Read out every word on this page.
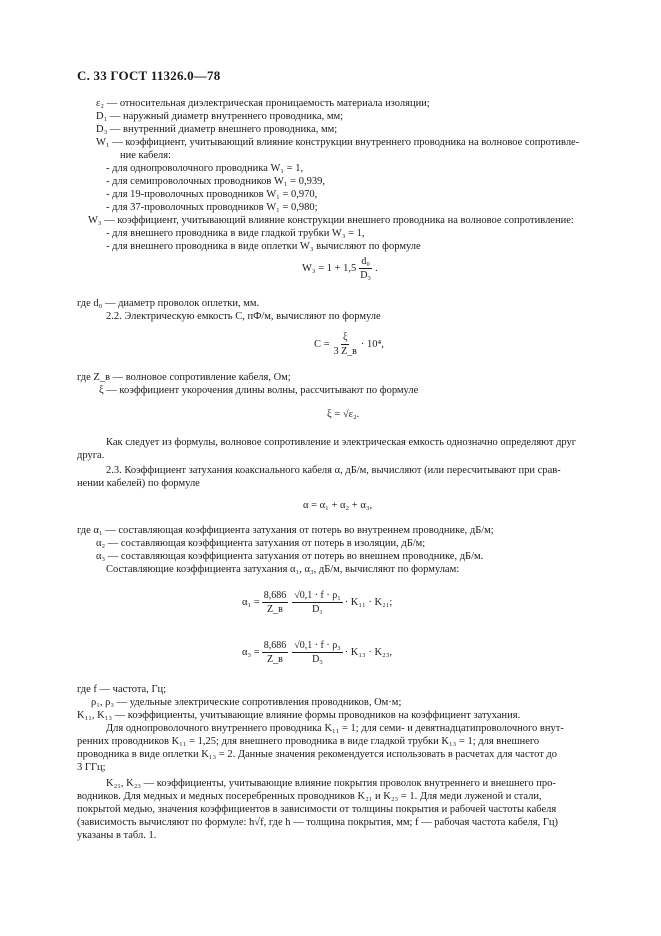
С. 33 ГОСТ 11326.0—78
ε₂ — относительная диэлектрическая проницаемость материала изоляции;
D₁ — наружный диаметр внутреннего проводника, мм;
D₃ — внутренний диаметр внешнего проводника, мм;
W₁ — коэффициент, учитывающий влияние конструкции внутреннего проводника на волновое сопротивле-
ние кабеля:
- для однопроволочного проводника W₁ = 1,
- для семипроволочных проводников W₁ = 0,939,
- для 19-проволочных проводников W₁ = 0,970,
- для 37-проволочных проводников W₁ = 0,980;
W₃ — коэффициент, учитывающий влияние конструкции внешнего проводника на волновое сопротивление:
- для внешнего проводника в виде гладкой трубки W₃ = 1,
- для внешнего проводника в виде оплетки W₃ вычисляют по формуле
$W_3 = 1 + 1,5 \frac{\text{d₀}}{\text{D₃}}$ .
где d₀ — диаметр проволок оплетки, мм.
2.2. Электрическую емкость C, пФ/м, вычисляют по формуле
$C = \frac{\xi}{3 Z\_в} \cdot 10^4$,
где Z_в — волновое сопротивление кабеля, Ом;
ξ — коэффициент укорочения длины волны, рассчитывают по формуле
ξ = √ε₂.
Как следует из формулы, волновое сопротивление и электрическая емкость однозначно определяют друг
друга.
2.3. Коэффициент затухания коаксиального кабеля α, дБ/м, вычисляют (или пересчитывают при срав-
нении кабелей) по формуле
α = α₁ + α₂ + α₃,
где α₁ — составляющая коэффициента затухания от потерь во внутреннем проводнике, дБ/м;
α₂ — составляющая коэффициента затухания от потерь в изоляции, дБ/м;
α₃ — составляющая коэффициента затухания от потерь во внешнем проводнике, дБ/м.
Составляющие коэффициента затухания α₁, α₃, дБ/м, вычисляют по формулам:
$\alpha_1 = \frac{8,686}{Z\_в} \frac{\text{√0,1 · f · ρ₁}}{\text{D₁}} \cdot K_{11} \cdot K_{21}$;
$\alpha_3 = \frac{8,686}{Z\_в} \frac{\text{√0,1 · f · ρ₃}}{\text{D₃}} \cdot K_{13} \cdot K_{23}$,
где f — частота, Гц;
ρ₁, ρ₃ — удельные электрические сопротивления проводников, Ом·м;
K₁₁, K₁₃ — коэффициенты, учитывающие влияние формы проводников на коэффициент затухания.
Для однопроволочного внутреннего проводника K₁₁ = 1; для семи- и девятнадцатипроволочного внут-
ренних проводников K₁₁ = 1,25; для внешнего проводника в виде гладкой трубки K₁₃ = 1; для внешнего
проводника в виде оплетки K₁₃ = 2. Данные значения рекомендуется использовать в расчетах для частот до
3 ГГц;
K₂₁, K₂₃ — коэффициенты, учитывающие влияние покрытия проволок внутреннего и внешнего про-
водников. Для медных и медных посеребренных проводников K₂₁ и K₂₃ = 1. Для меди луженой и стали,
покрытой медью, значения коэффициентов в зависимости от толщины покрытия и рабочей частоты кабеля
(зависимость вычисляют по формуле: h√f, где h — толщина покрытия, мм; f — рабочая частота кабеля, Гц)
указаны в табл. 1.
